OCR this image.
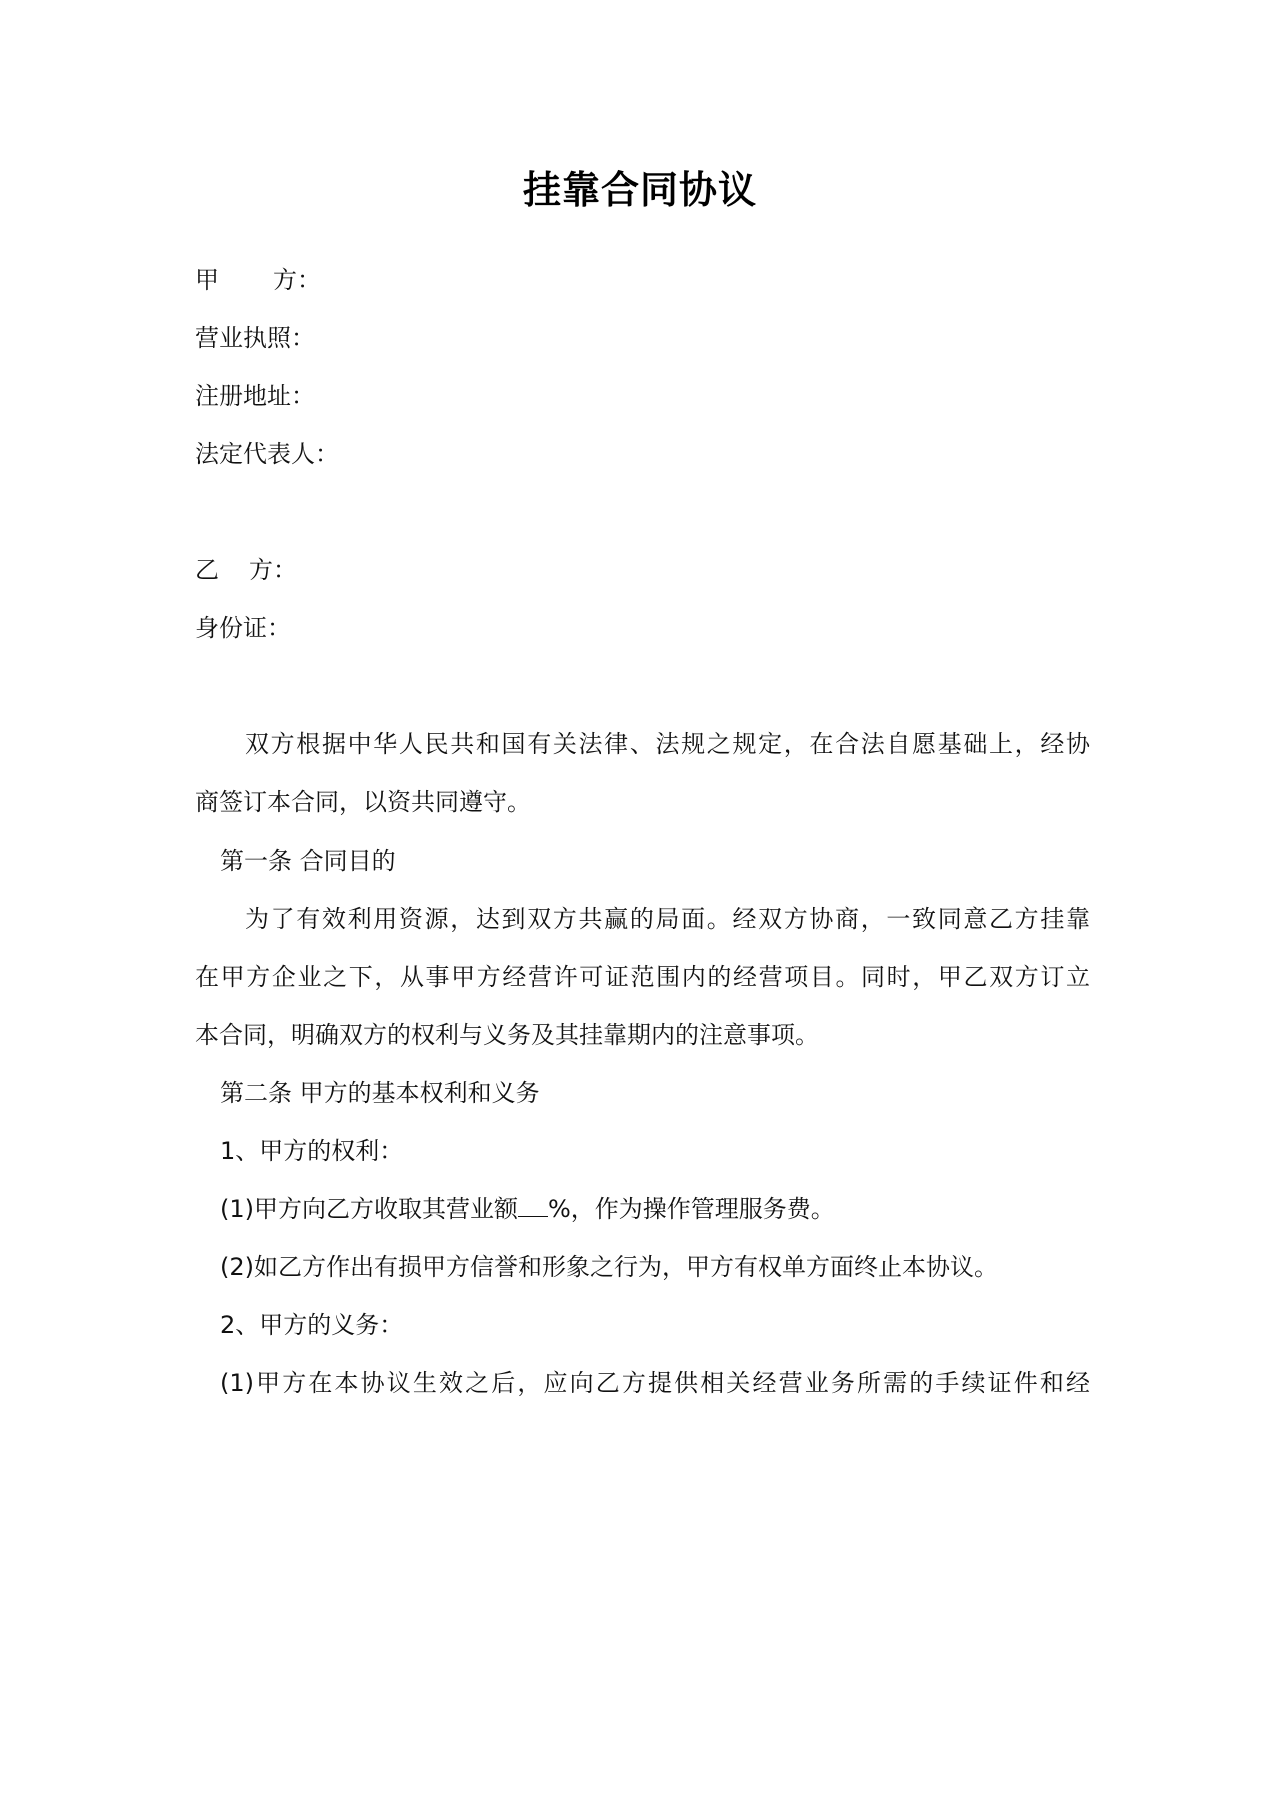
挂靠合同协议
甲 方：
营业执照：
注册地址：
法定代表人：
乙 方：
身份证：
双方根据中华人民共和国有关法律、法规之规定，在合法自愿基础上，经协
商签订本合同，以资共同遵守。
第一条 合同目的
为了有效利用资源，达到双方共赢的局面。经双方协商，一致同意乙方挂靠
在甲方企业之下，从事甲方经营许可证范围内的经营项目。同时，甲乙双方订立
本合同，明确双方的权利与义务及其挂靠期内的注意事项。
第二条 甲方的基本权利和义务
1、甲方的权利：
(1)甲方向乙方收取其营业额 %，作为操作管理服务费。
(2)如乙方作出有损甲方信誉和形象之行为，甲方有权单方面终止本协议。
2、甲方的义务：
(1)甲方在本协议生效之后，应向乙方提供相关经营业务所需的手续证件和经
